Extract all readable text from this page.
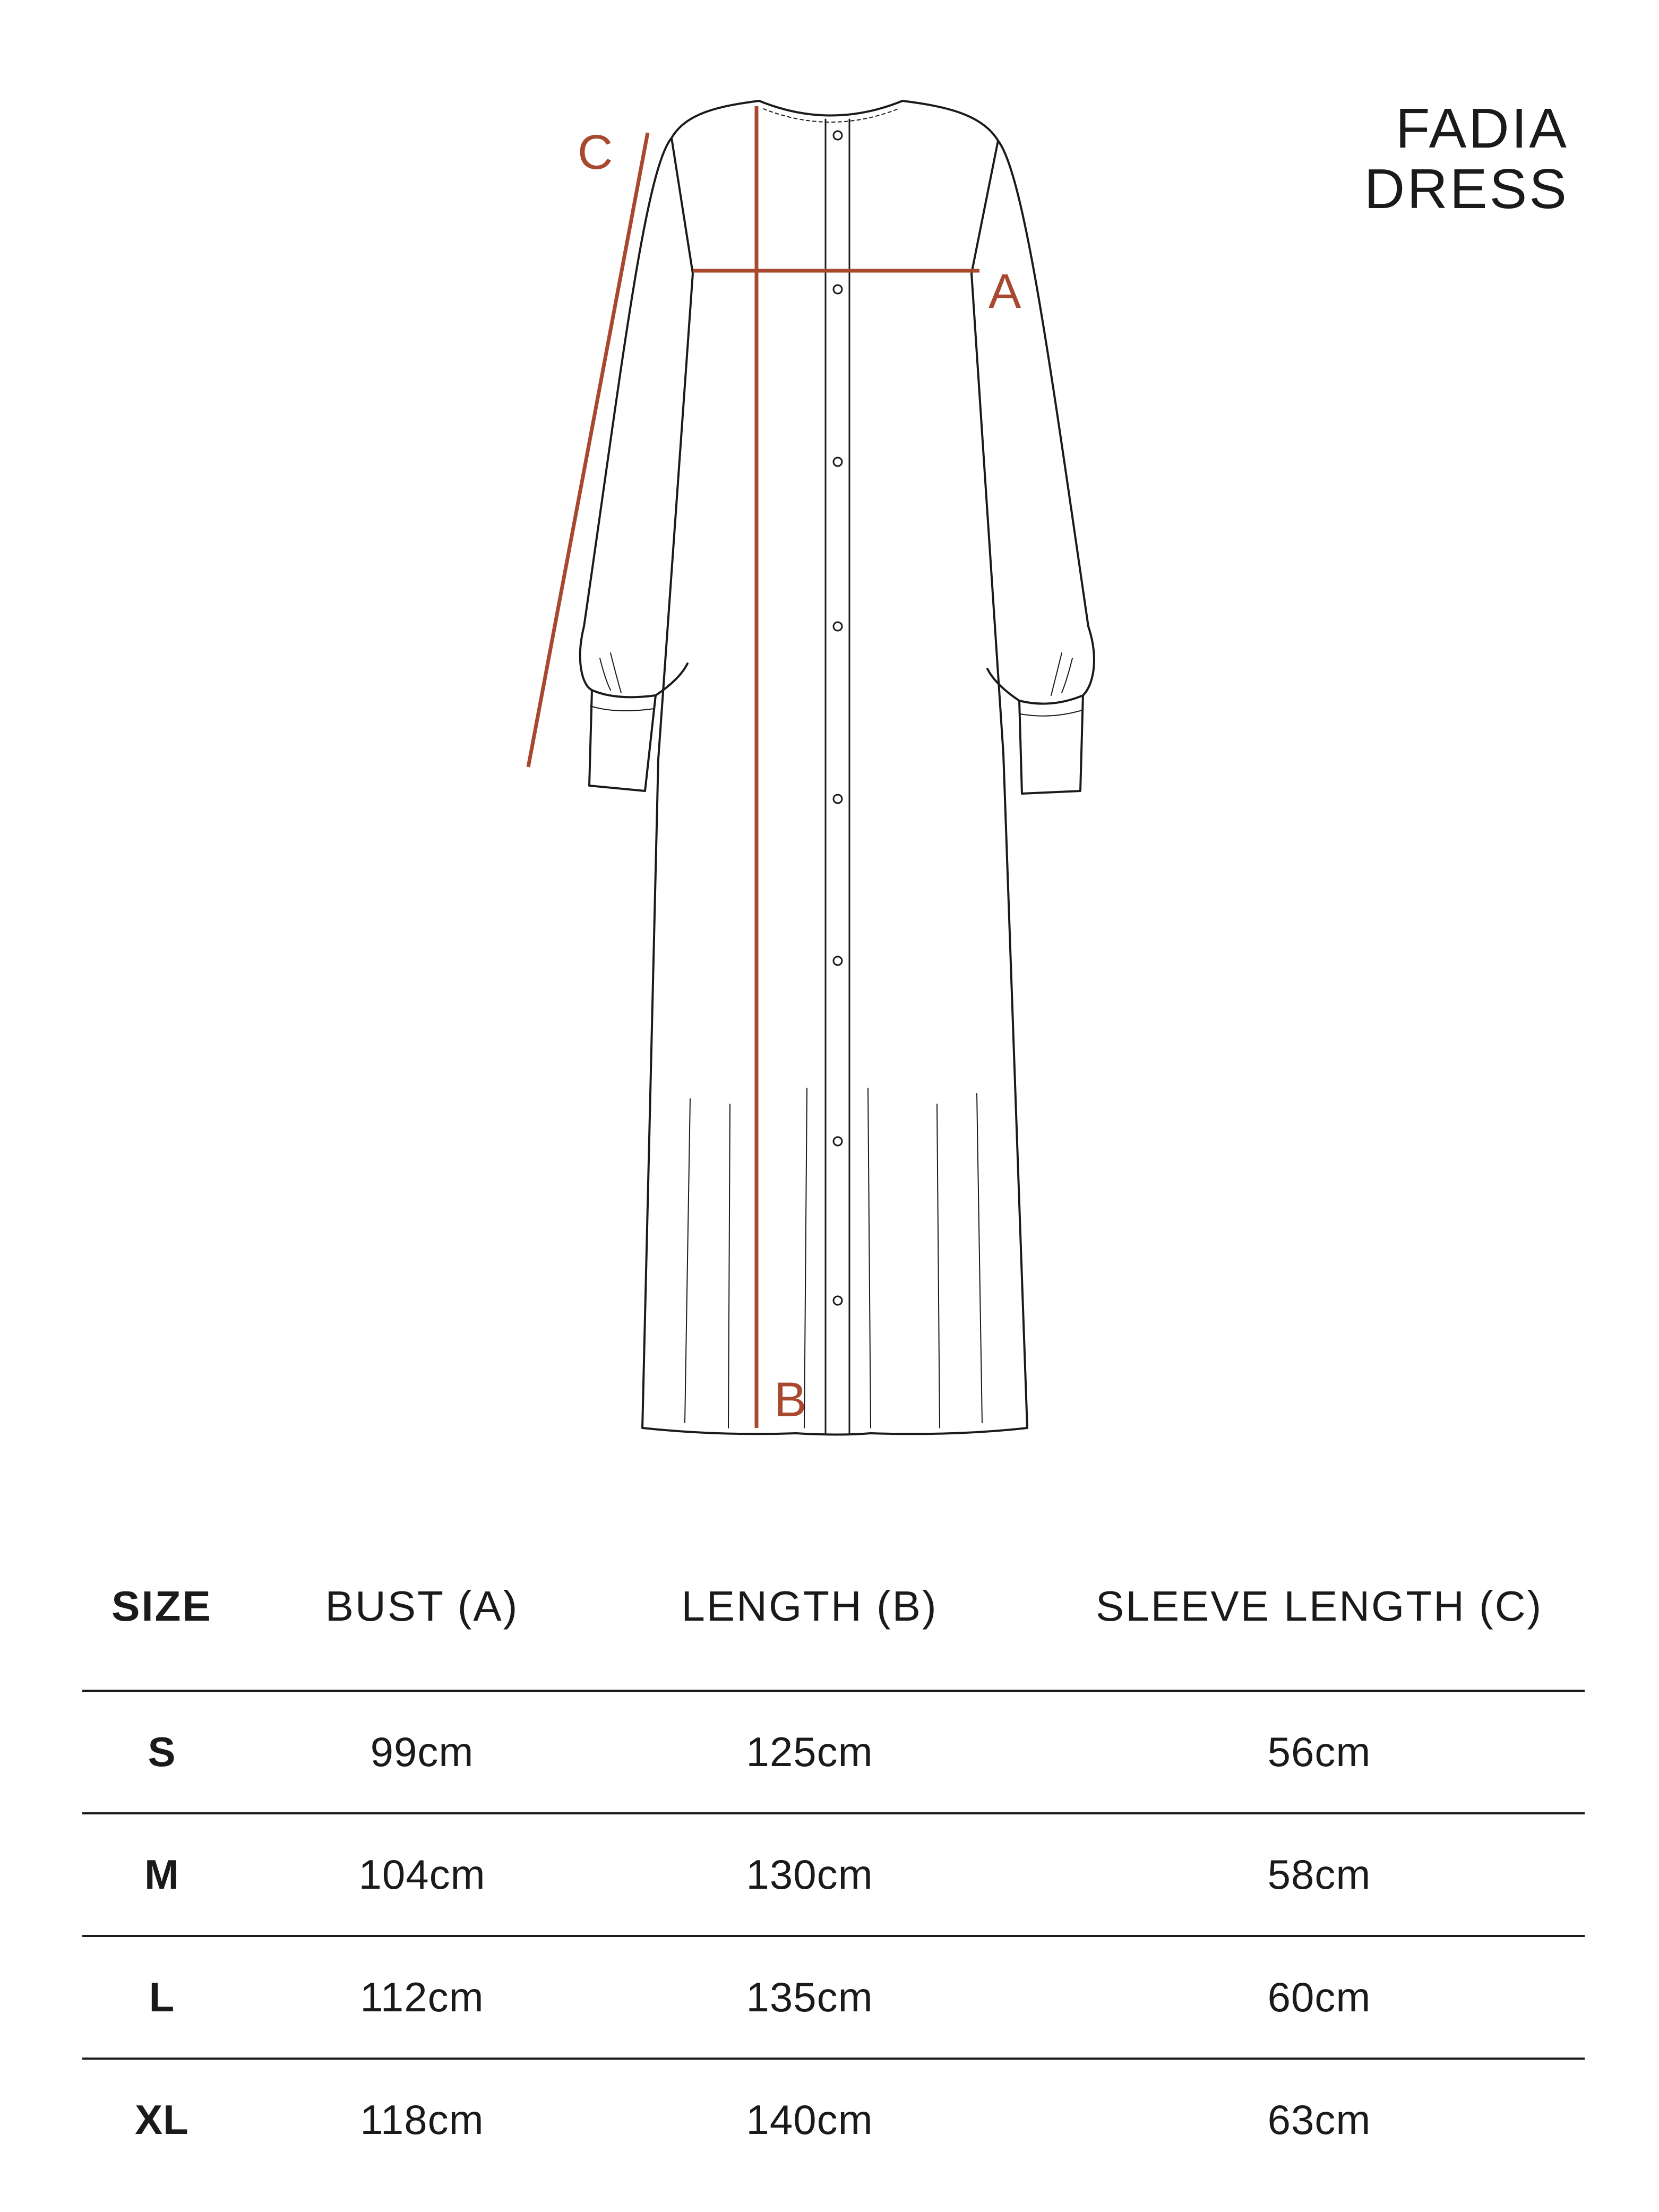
FADIA
DRESS
A
B
C
SIZE	BUST (A)	LENGTH (B)	SLEEVE LENGTH (C)
S	99cm	125cm	56cm
M	104cm	130cm	58cm
L	112cm	135cm	60cm
XL	118cm	140cm	63cm
